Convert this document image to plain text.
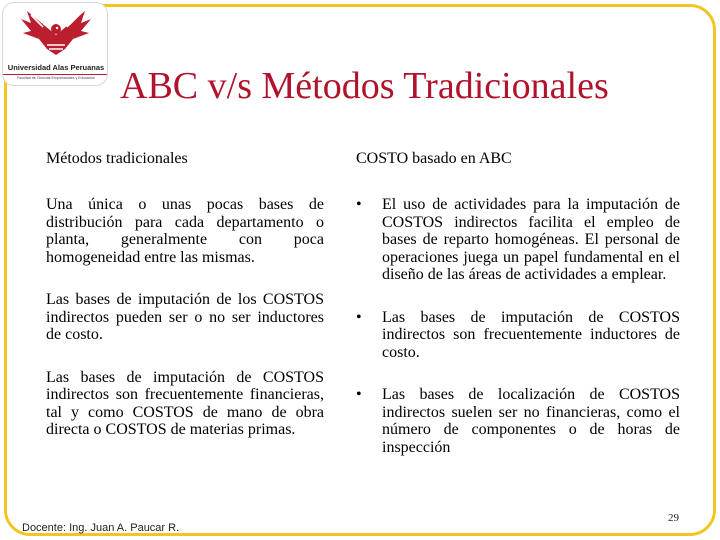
Universidad Alas Peruanas
Facultad de Ciencias Empresariales y Educación ABC v/s Métodos Tradicionales
Métodos tradicionales	COSTO basado en ABC

Una única o unas pocas bases de distribución para cada departamento o planta, generalmente con poca homogeneidad entre las mismas.

Las bases de imputación de los COSTOS indirectos pueden ser o no ser inductores de costo.

Las bases de imputación de COSTOS indirectos son frecuentemente financieras, tal y como COSTOS de mano de obra directa o COSTOS de materias primas.

• El uso de actividades para la imputación de COSTOS indirectos facilita el empleo de bases de reparto homogéneas. El personal de operaciones juega un papel fundamental en el diseño de las áreas de actividades a emplear.

• Las bases de imputación de COSTOS indirectos son frecuentemente inductores de costo.

• Las bases de localización de COSTOS indirectos suelen ser no financieras, como el número de componentes o de horas de inspección

Docente: Ing. Juan A. Paucar R.
29
